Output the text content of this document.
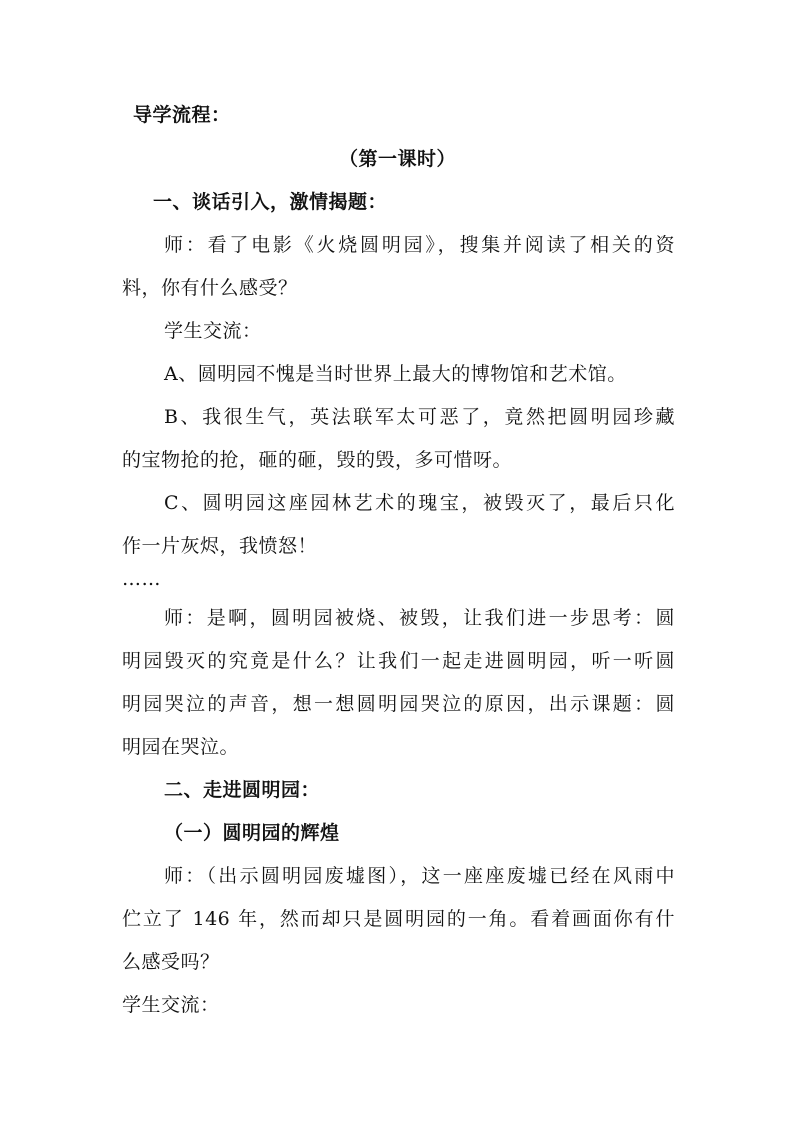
导学流程：
（第一课时）
一、谈话引入，激情揭题：
师：看了电影《火烧圆明园》，搜集并阅读了相关的资
料，你有什么感受？
学生交流：
A、圆明园不愧是当时世界上最大的博物馆和艺术馆。
B、我很生气，英法联军太可恶了，竟然把圆明园珍藏
的宝物抢的抢，砸的砸，毁的毁，多可惜呀。
C、圆明园这座园林艺术的瑰宝，被毁灭了，最后只化
作一片灰烬，我愤怒！
……
师：是啊，圆明园被烧、被毁，让我们进一步思考：圆
明园毁灭的究竟是什么？让我们一起走进圆明园，听一听圆
明园哭泣的声音，想一想圆明园哭泣的原因，出示课题：圆
明园在哭泣。
二、走进圆明园：
（一）圆明园的辉煌
师：（出示圆明园废墟图），这一座座废墟已经在风雨中
伫立了 146 年，然而却只是圆明园的一角。看着画面你有什
么感受吗？
学生交流：
